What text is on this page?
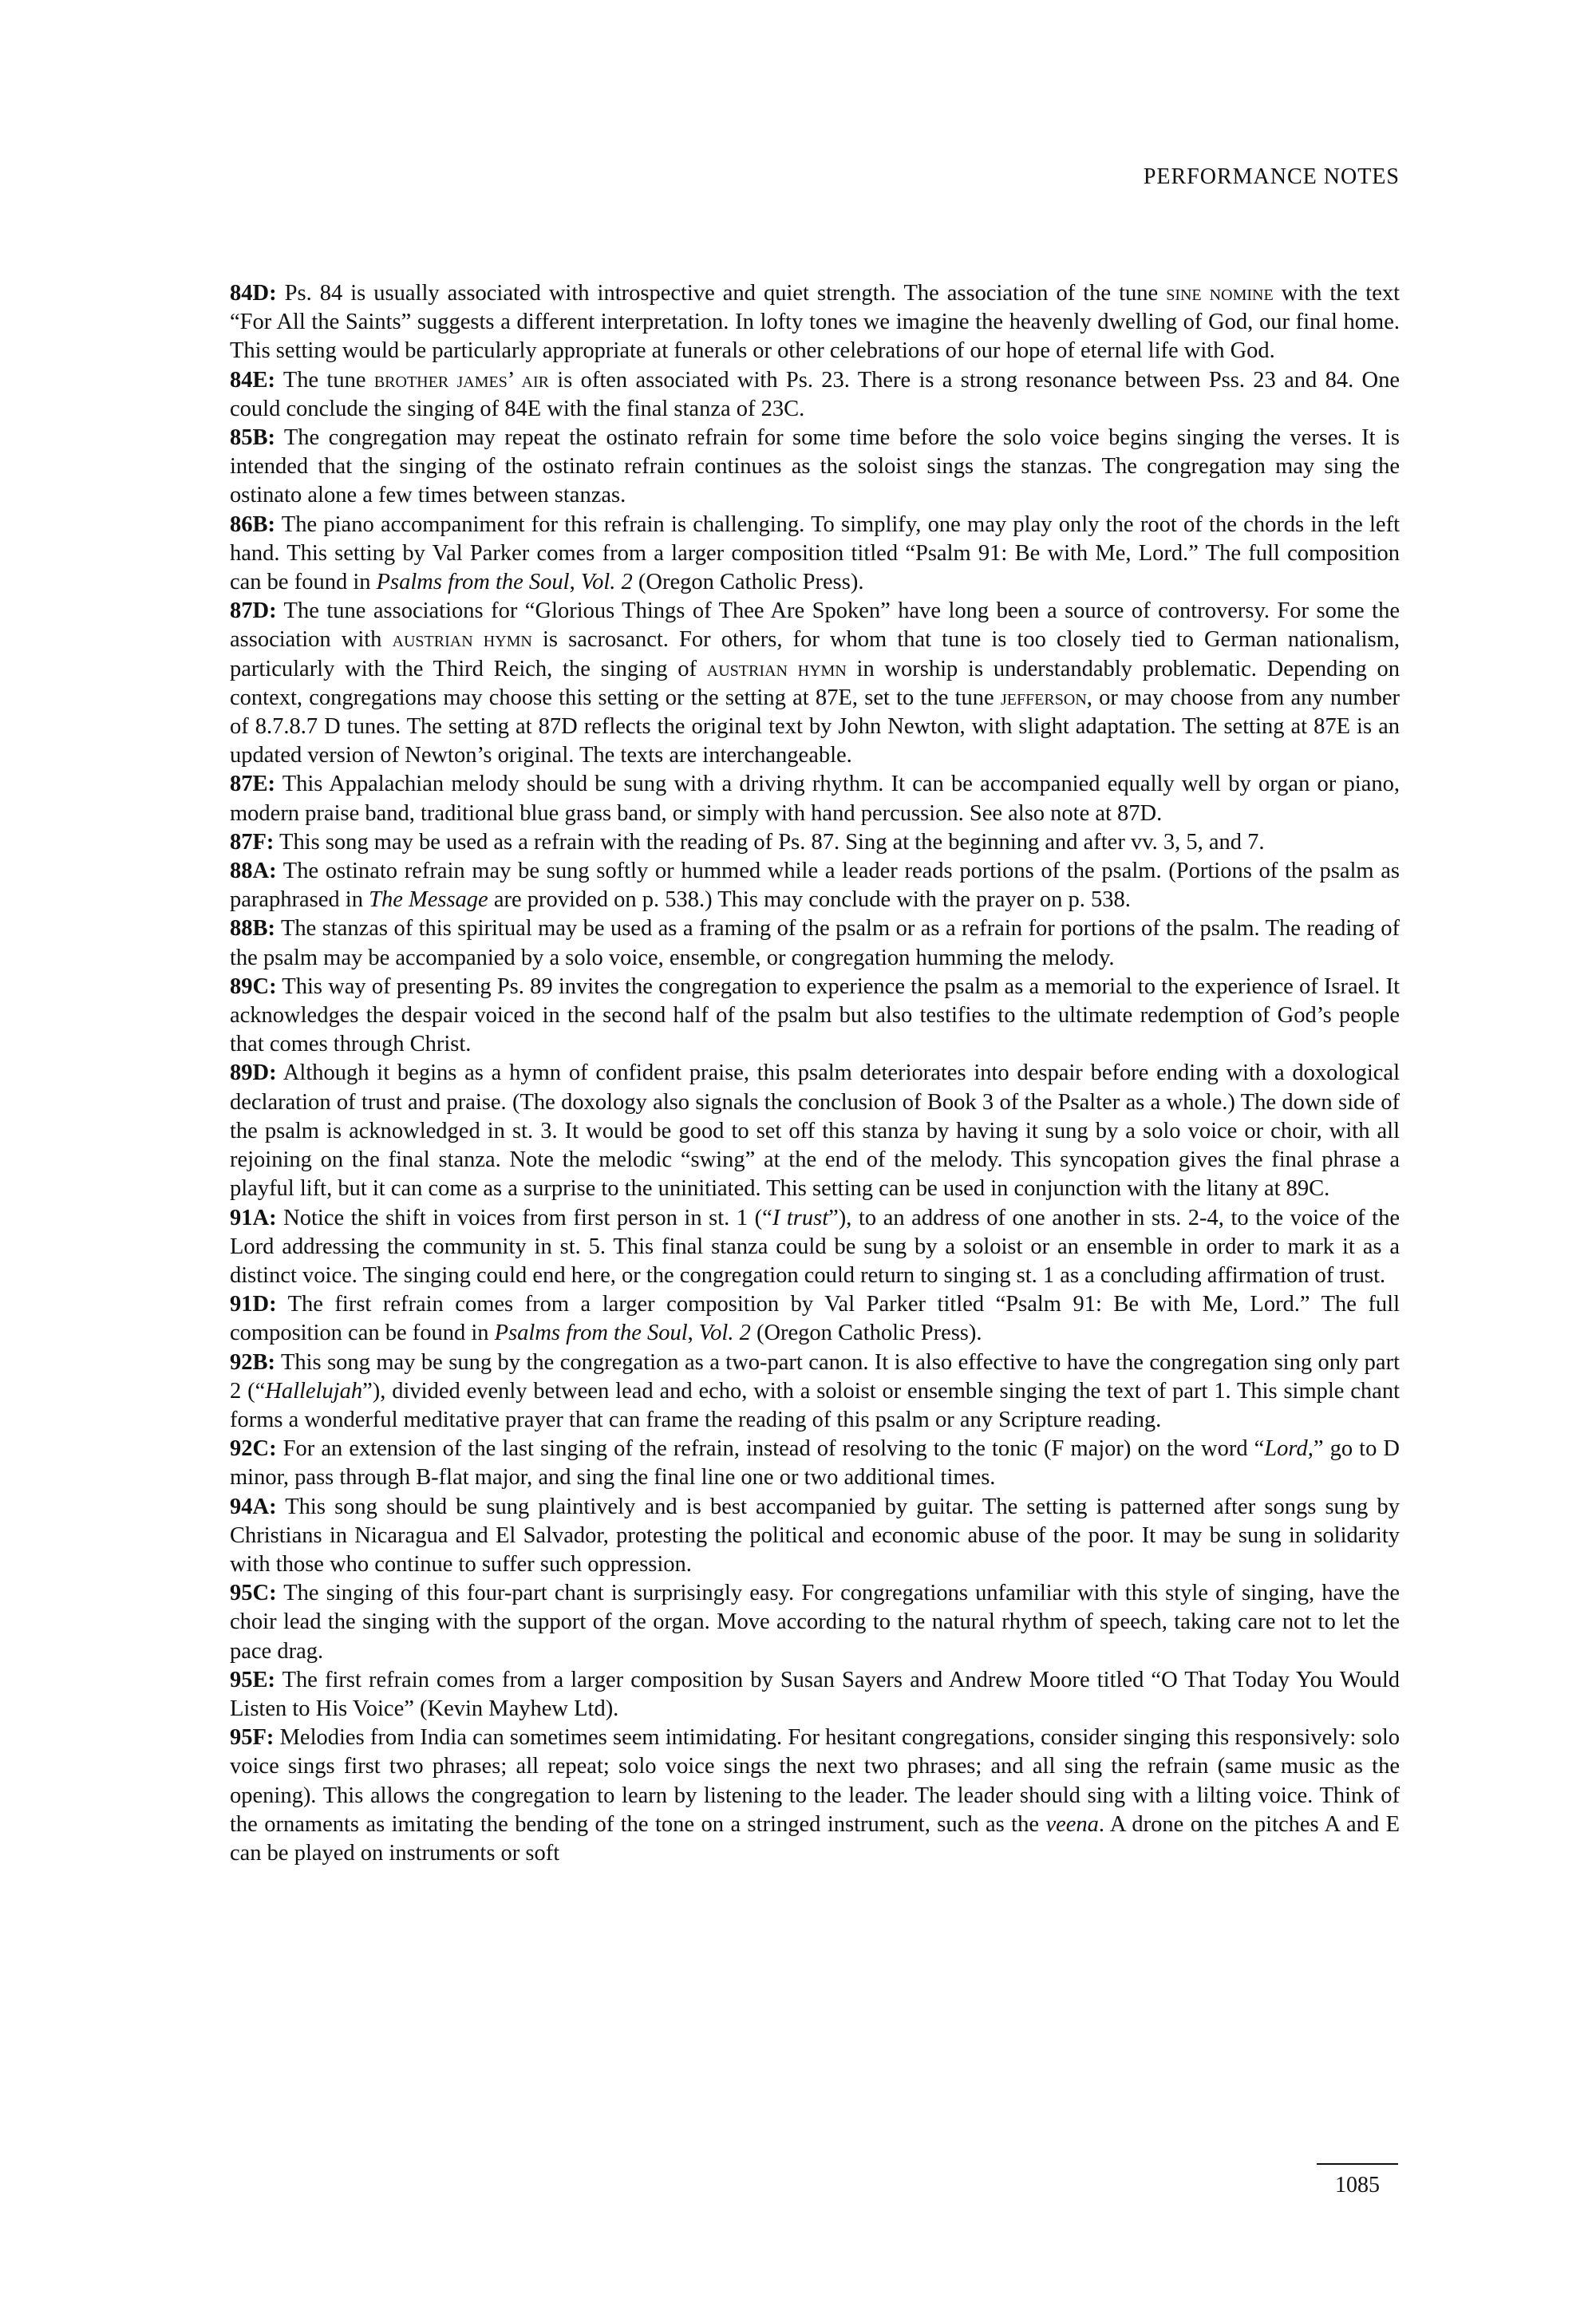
PERFORMANCE NOTES

84D: Ps. 84 is usually associated with introspective and quiet strength. The association of the tune sine nomine with the text “For All the Saints” suggests a different interpretation. In lofty tones we imagine the heavenly dwelling of God, our final home. This setting would be particularly appropriate at funerals or other celebrations of our hope of eternal life with God.

84E: The tune brother james’ air is often associated with Ps. 23. There is a strong resonance between Pss. 23 and 84. One could conclude the singing of 84E with the final stanza of 23C.

85B: The congregation may repeat the ostinato refrain for some time before the solo voice begins singing the verses. It is intended that the singing of the ostinato refrain continues as the soloist sings the stanzas. The congregation may sing the ostinato alone a few times between stanzas.

86B: The piano accompaniment for this refrain is challenging. To simplify, one may play only the root of the chords in the left hand. This setting by Val Parker comes from a larger composition titled “Psalm 91: Be with Me, Lord.” The full composition can be found in Psalms from the Soul, Vol. 2 (Oregon Catholic Press).

87D: The tune associations for “Glorious Things of Thee Are Spoken” have long been a source of controversy. For some the association with austrian hymn is sacrosanct. For others, for whom that tune is too closely tied to German nationalism, particularly with the Third Reich, the singing of austrian hymn in worship is understandably problematic. Depending on context, congregations may choose this setting or the setting at 87E, set to the tune jefferson, or may choose from any number of 8.7.8.7 D tunes. The setting at 87D reflects the original text by John Newton, with slight adaptation. The setting at 87E is an updated version of Newton’s original. The texts are interchangeable.

87E: This Appalachian melody should be sung with a driving rhythm. It can be accompanied equally well by organ or piano, modern praise band, traditional blue grass band, or simply with hand percussion. See also note at 87D.

87F: This song may be used as a refrain with the reading of Ps. 87. Sing at the beginning and after vv. 3, 5, and 7.

88A: The ostinato refrain may be sung softly or hummed while a leader reads portions of the psalm. (Portions of the psalm as paraphrased in The Message are provided on p. 538.) This may conclude with the prayer on p. 538.

88B: The stanzas of this spiritual may be used as a framing of the psalm or as a refrain for portions of the psalm. The reading of the psalm may be accompanied by a solo voice, ensemble, or congregation humming the melody.

89C: This way of presenting Ps. 89 invites the congregation to experience the psalm as a memorial to the experience of Israel. It acknowledges the despair voiced in the second half of the psalm but also testifies to the ultimate redemption of God’s people that comes through Christ.

89D: Although it begins as a hymn of confident praise, this psalm deteriorates into despair before ending with a doxological declaration of trust and praise. (The doxology also signals the conclusion of Book 3 of the Psalter as a whole.) The down side of the psalm is acknowledged in st. 3. It would be good to set off this stanza by having it sung by a solo voice or choir, with all rejoining on the final stanza. Note the melodic “swing” at the end of the melody. This syncopation gives the final phrase a playful lift, but it can come as a surprise to the uninitiated. This setting can be used in conjunction with the litany at 89C.

91A: Notice the shift in voices from first person in st. 1 (“I trust”), to an address of one another in sts. 2-4, to the voice of the Lord addressing the community in st. 5. This final stanza could be sung by a soloist or an ensemble in order to mark it as a distinct voice. The singing could end here, or the congregation could return to singing st. 1 as a concluding affirmation of trust.

91D: The first refrain comes from a larger composition by Val Parker titled “Psalm 91: Be with Me, Lord.” The full composition can be found in Psalms from the Soul, Vol. 2 (Oregon Catholic Press).

92B: This song may be sung by the congregation as a two-part canon. It is also effective to have the congregation sing only part 2 (“Hallelujah”), divided evenly between lead and echo, with a soloist or ensemble singing the text of part 1. This simple chant forms a wonderful meditative prayer that can frame the reading of this psalm or any Scripture reading.

92C: For an extension of the last singing of the refrain, instead of resolving to the tonic (F major) on the word “Lord,” go to D minor, pass through B-flat major, and sing the final line one or two additional times.

94A: This song should be sung plaintively and is best accompanied by guitar. The setting is patterned after songs sung by Christians in Nicaragua and El Salvador, protesting the political and economic abuse of the poor. It may be sung in solidarity with those who continue to suffer such oppression.

95C: The singing of this four-part chant is surprisingly easy. For congregations unfamiliar with this style of singing, have the choir lead the singing with the support of the organ. Move according to the natural rhythm of speech, taking care not to let the pace drag.

95E: The first refrain comes from a larger composition by Susan Sayers and Andrew Moore titled “O That Today You Would Listen to His Voice” (Kevin Mayhew Ltd).

95F: Melodies from India can sometimes seem intimidating. For hesitant congregations, consider singing this responsively: solo voice sings first two phrases; all repeat; solo voice sings the next two phrases; and all sing the refrain (same music as the opening). This allows the congregation to learn by listening to the leader. The leader should sing with a lilting voice. Think of the ornaments as imitating the bending of the tone on a stringed instrument, such as the veena. A drone on the pitches A and E can be played on instruments or soft

1085
